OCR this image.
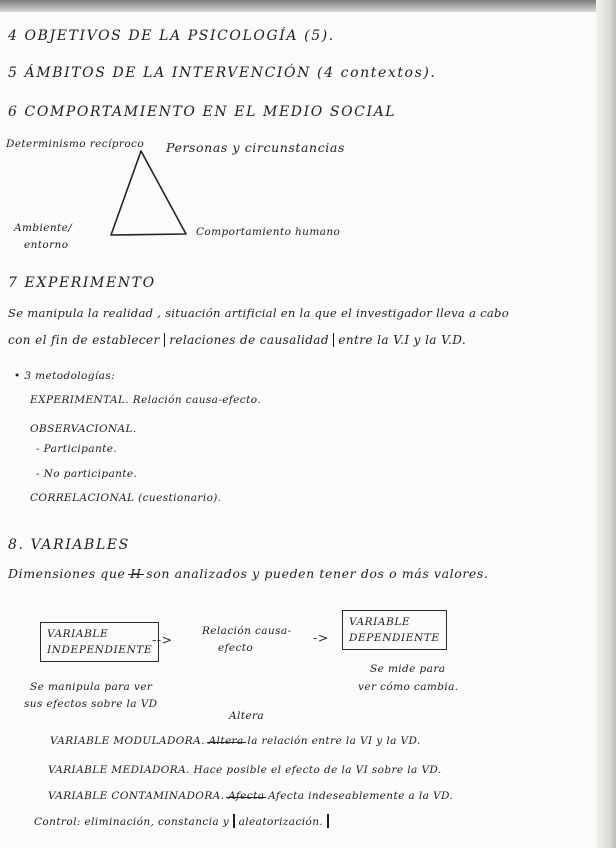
4 OBJETIVOS DE LA PSICOLOGÍA (5).
5 ÁMBITOS DE LA INTERVENCIÓN (4 contextos).
6 COMPORTAMIENTO EN EL MEDIO SOCIAL
Determinismo recíproco Personas y circunstancias
Ambiente/
entorno
Comportamiento humano
7 EXPERIMENTO
Se manipula la realidad , situación artificial en la que el investigador lleva a cabo
con el fin de establecer relaciones de causalidad entre la V.I y la V.D.
• 3 metodologías:
EXPERIMENTAL. Relación causa-efecto.
OBSERVACIONAL.
- Participante.
- No participante.
CORRELACIONAL (cuestionario).
8. VARIABLES
Dimensiones que H son analizados y pueden tener dos o más valores.
VARIABLE
INDEPENDIENTE
-->
Relación causa-
efecto
->
VARIABLE
DEPENDIENTE
Se mide para
ver cómo cambia.
Se manipula para ver
sus efectos sobre la VD
Altera
VARIABLE MODULADORA. Altera la relación entre la VI y la VD.
VARIABLE MEDIADORA. Hace posible el efecto de la VI sobre la VD.
VARIABLE CONTAMINADORA. Afecta Afecta indeseablemente a la VD.
Control: eliminación, constancia y aleatorización.
